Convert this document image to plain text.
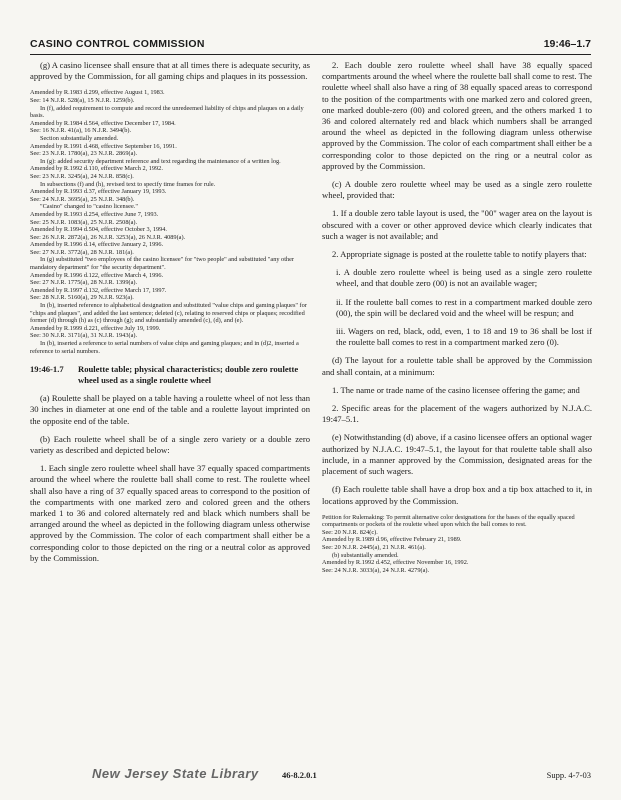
CASINO CONTROL COMMISSION	19:46–1.7

(g) A casino licensee shall ensure that at all times there is adequate security, as approved by the Commission, for all gaming chips and plaques in its possession.

Amended by R.1983 d.299, effective August 1, 1983.

See: 14 N.J.R. 528(a), 15 N.J.R. 1259(b).

In (f), added requirement to compute and record the unredeemed liability of chips and plaques on a daily basis.

Amended by R.1984 d.564, effective December 17, 1984.

See: 16 N.J.R. 41(a), 16 N.J.R. 3494(b).

Section substantially amended.

Amended by R.1991 d.468, effective September 16, 1991.

See: 23 N.J.R. 1780(a), 23 N.J.R. 2869(a).

In (g): added security department reference and text regarding the maintenance of a written log.

Amended by R.1992 d.110, effective March 2, 1992.

See: 23 N.J.R. 3245(a), 24 N.J.R. 858(c).

In subsections (f) and (h), revised text to specify time frames for rule.

Amended by R.1993 d.37, effective January 19, 1993.

See: 24 N.J.R. 3695(a), 25 N.J.R. 348(b).

"Casino" changed to "casino licensee."

Amended by R.1993 d.254, effective June 7, 1993.

See: 25 N.J.R. 1083(a), 25 N.J.R. 2508(a).

Amended by R.1994 d.504, effective October 3, 1994.

See: 26 N.J.R. 2872(a), 26 N.J.R. 3253(a), 26 N.J.R. 4089(a).

Amended by R.1996 d.14, effective January 2, 1996.

See: 27 N.J.R. 3772(a), 28 N.J.R. 181(a).

In (g) substituted "two employees of the casino licensee" for "two people" and substituted "any other mandatory department" for "the security department".

Amended by R.1996 d.122, effective March 4, 1996.

See: 27 N.J.R. 1775(a), 28 N.J.R. 1399(a).

Amended by R.1997 d.132, effective March 17, 1997.

See: 28 N.J.R. 5160(a), 29 N.J.R. 923(a).

In (b), inserted reference to alphabetical designation and substituted "value chips and gaming plaques" for "chips and plaques", and added the last sentence; deleted (c), relating to reserved chips or plaques; recodified former (d) through (h) as (c) through (g); and substantially amended (c), (d), and (e).

Amended by R.1999 d.221, effective July 19, 1999.

See: 30 N.J.R. 3171(a), 31 N.J.R. 1943(a).

In (b), inserted a reference to serial numbers of value chips and gaming plaques; and in (d)2, inserted a reference to serial numbers.

19:46-1.7	Roulette table; physical characteristics; double zero roulette wheel used as a single roulette wheel

(a) Roulette shall be played on a table having a roulette wheel of not less than 30 inches in diameter at one end of the table and a roulette layout imprinted on the opposite end of the table.

(b) Each roulette wheel shall be of a single zero variety or a double zero variety as described and depicted below:

1. Each single zero roulette wheel shall have 37 equally spaced compartments around the wheel where the roulette ball shall come to rest. The roulette wheel shall also have a ring of 37 equally spaced areas to correspond to the position of the compartments with one marked zero and colored green and the others marked 1 to 36 and colored alternately red and black which numbers shall be arranged around the wheel as depicted in the following diagram unless otherwise approved by the Commission. The color of each compartment shall either be a corresponding color to those depicted on the ring or a neutral color as approved by the Commission.

2. Each double zero roulette wheel shall have 38 equally spaced compartments around the wheel where the roulette ball shall come to rest. The roulette wheel shall also have a ring of 38 equally spaced areas to correspond to the position of the compartments with one marked zero and colored green, one marked double-zero (00) and colored green, and the others marked 1 to 36 and colored alternately red and black which numbers shall be arranged around the wheel as depicted in the following diagram unless otherwise approved by the Commission. The color of each compartment shall either be a corresponding color to those depicted on the ring or a neutral color as approved by the Commission.

(c) A double zero roulette wheel may be used as a single zero roulette wheel, provided that:

1. If a double zero table layout is used, the "00" wager area on the layout is obscured with a cover or other approved device which clearly indicates that such a wager is not available; and

2. Appropriate signage is posted at the roulette table to notify players that:

i. A double zero roulette wheel is being used as a single zero roulette wheel, and that double zero (00) is not an available wager;

ii. If the roulette ball comes to rest in a compartment marked double zero (00), the spin will be declared void and the wheel will be respun; and

iii. Wagers on red, black, odd, even, 1 to 18 and 19 to 36 shall be lost if the roulette ball comes to rest in a compartment marked zero (0).

(d) The layout for a roulette table shall be approved by the Commission and shall contain, at a minimum:

1. The name or trade name of the casino licensee offering the game; and

2. Specific areas for the placement of the wagers authorized by N.J.A.C. 19:47–5.1.

(e) Notwithstanding (d) above, if a casino licensee offers an optional wager authorized by N.J.A.C. 19:47–5.1, the layout for that roulette table shall also include, in a manner approved by the Commission, designated areas for the placement of such wagers.

(f) Each roulette table shall have a drop box and a tip box attached to it, in locations approved by the Commission.

Petition for Rulemaking: To permit alternative color designations for the bases of the equally spaced compartments or pockets of the roulette wheel upon which the ball comes to rest.

See: 20 N.J.R. 824(c).

Amended by R.1989 d.96, effective February 21, 1989.

See: 20 N.J.R. 2445(a), 21 N.J.R. 461(a).

(b) substantially amended.

Amended by R.1992 d.452, effective November 16, 1992.

See: 24 N.J.R. 3033(a), 24 N.J.R. 4279(a).

New Jersey State Library	46-8.2.0.1	Supp. 4-7-03
